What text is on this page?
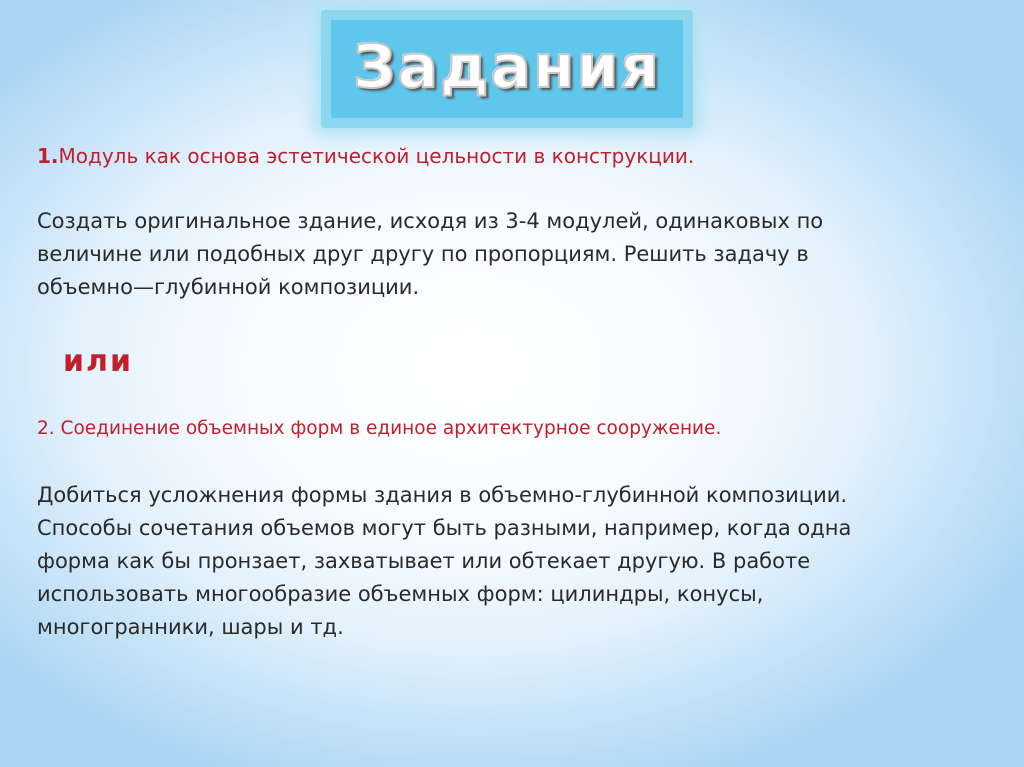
Задания
1.Модуль как основа эстетической цельности в конструкции.
Создать оригинальное здание, исходя из 3-4 модулей, одинаковых по
величине или подобных друг другу по пропорциям. Решить задачу в
объемно—глубинной композиции.
или
2. Соединение объемных форм в единое архитектурное сооружение.
Добиться усложнения формы здания в объемно-глубинной композиции.
Способы сочетания объемов могут быть разными, например, когда одна
форма как бы пронзает, захватывает или обтекает другую. В работе
использовать многообразие объемных форм: цилиндры, конусы,
многогранники, шары и тд.
